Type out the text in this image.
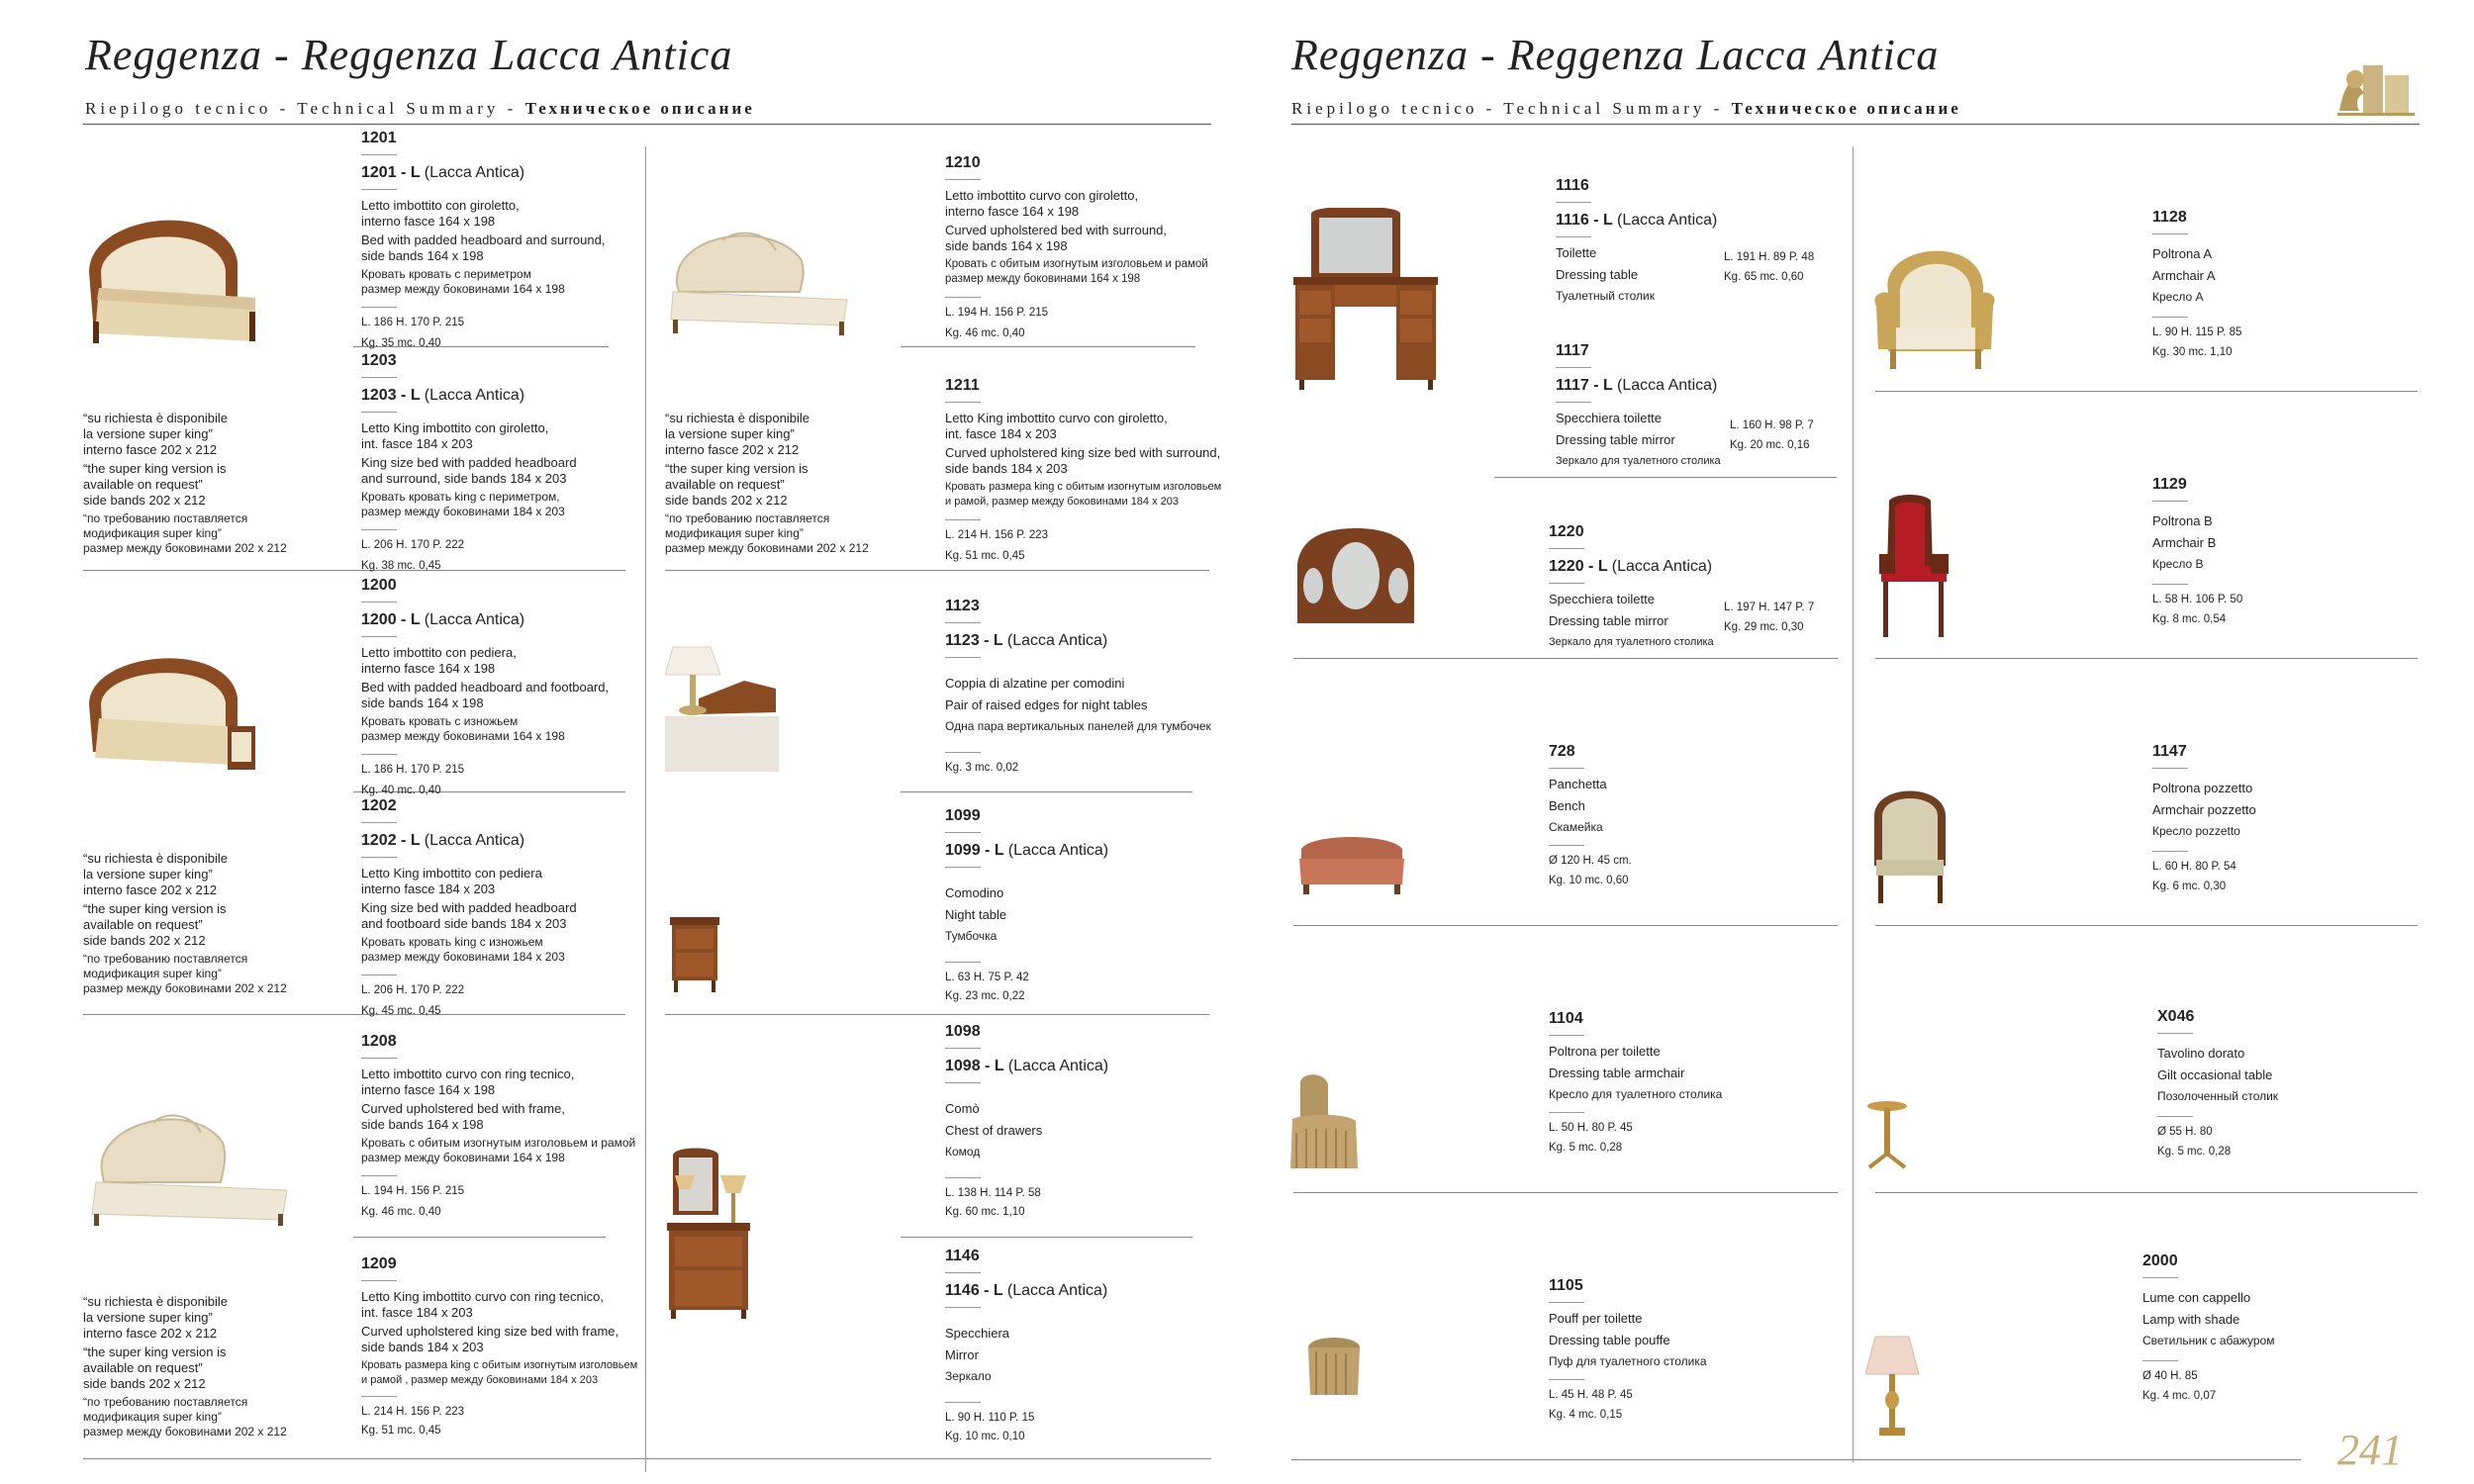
Reggenza - Reggenza Lacca Antica
Riepilogo tecnico - Technical Summary - Техническое описание
Reggenza - Reggenza Lacca Antica
Riepilogo tecnico - Technical Summary - Техническое описание
241
1201
1201 - L (Lacca Antica)
Letto imbottito con giroletto,
interno fasce 164 x 198
Bed with padded headboard and surround,
side bands 164 x 198
Кровать кровать с периметром
размер между боковинами 164 x 198
L. 186 H. 170 P. 215
Kg. 35 mc. 0,40
1203
1203 - L (Lacca Antica)
Letto King imbottito con giroletto,
int. fasce 184 x 203
King size bed with padded headboard
and surround, side bands 184 x 203
Кровать кровать king с периметром,
размер между боковинами 184 x 203
L. 206 H. 170 P. 222
Kg. 38 mc. 0,45
1200
1200 - L (Lacca Antica)
Letto imbottito con pediera,
interno fasce 164 x 198
Bed with padded headboard and footboard,
side bands 164 x 198
Кровать кровать с изножьем
размер между боковинами 164 x 198
L. 186 H. 170 P. 215
Kg. 40 mc. 0,40
1202
1202 - L (Lacca Antica)
Letto King imbottito con pediera
interno fasce 184 x 203
King size bed with padded headboard
and footboard side bands 184 x 203
Кровать кровать king с изножьем
размер между боковинами 184 x 203
L. 206 H. 170 P. 222
Kg. 45 mc. 0,45
1208
Letto imbottito curvo con ring tecnico,
interno fasce 164 x 198
Curved upholstered bed with frame,
side bands 164 x 198
Кровать с обитым изогнутым изголовьем и рамой
размер между боковинами 164 x 198
L. 194 H. 156 P. 215
Kg. 46 mc. 0,40
1209
Letto King imbottito curvo con ring tecnico,
int. fasce 184 x 203
Curved upholstered king size bed with frame,
side bands 184 x 203
Кровать размера king с обитым изогнутым изголовьем
и рамой , размер между боковинами 184 x 203
L. 214 H. 156 P. 223
Kg. 51 mc. 0,45
“su richiesta è disponibile
la versione super king”
interno fasce 202 x 212
“the super king version is
available on request”
side bands 202 x 212
“по требованию поставляется
модификация super king”
размер между боковинами 202 x 212
“su richiesta è disponibile
la versione super king”
interno fasce 202 x 212
“the super king version is
available on request”
side bands 202 x 212
“по требованию поставляется
модификация super king”
размер между боковинами 202 x 212
“su richiesta è disponibile
la versione super king”
interno fasce 202 x 212
“the super king version is
available on request”
side bands 202 x 212
“по требованию поставляется
модификация super king”
размер между боковинами 202 x 212
“su richiesta è disponibile
la versione super king”
interno fasce 202 x 212
“the super king version is
available on request”
side bands 202 x 212
“по требованию поставляется
модификация super king”
размер между боковинами 202 x 212
1210
Letto imbottito curvo con giroletto,
interno fasce 164 x 198
Curved upholstered bed with surround,
side bands 164 x 198
Кровать с обитым изогнутым изголовьем и рамой
размер между боковинами 164 x 198
L. 194 H. 156 P. 215
Kg. 46 mc. 0,40
1211
Letto King imbottito curvo con giroletto,
int. fasce 184 x 203
Curved upholstered king size bed with surround,
side bands 184 x 203
Кровать размера king с обитым изогнутым изголовьем
и рамой, размер между боковинами 184 x 203
L. 214 H. 156 P. 223
Kg. 51 mc. 0,45
1123
1123 - L (Lacca Antica)
Coppia di alzatine per comodini
Pair of raised edges for night tables
Одна пара вертикальных панелей для тумбочек
Kg. 3 mc. 0,02
1099
1099 - L (Lacca Antica)
Comodino
Night table
Тумбочка
L. 63 H. 75 P. 42
Kg. 23 mc. 0,22
1098
1098 - L (Lacca Antica)
Comò
Chest of drawers
Комод
L. 138 H. 114 P. 58
Kg. 60 mc. 1,10
1146
1146 - L (Lacca Antica)
Specchiera
Mirror
Зеркало
L. 90 H. 110 P. 15
Kg. 10 mc. 0,10
1116
1116 - L (Lacca Antica)
Toilette
Dressing table
Туалетный столик
L. 191 H. 89 P. 48
Kg. 65 mc. 0,60
1117
1117 - L (Lacca Antica)
Specchiera toilette
Dressing table mirror
Зеркало для туалетного столика
L. 160 H. 98 P. 7
Kg. 20 mc. 0,16
1220
1220 - L (Lacca Antica)
Specchiera toilette
Dressing table mirror
Зеркало для туалетного столика
L. 197 H. 147 P. 7
Kg. 29 mc. 0,30
728
Panchetta
Bench
Скамейка
Ø 120 H. 45 cm.
Kg. 10 mc. 0,60
1104
Poltrona per toilette
Dressing table armchair
Кресло для туалетного столика
L. 50 H. 80 P. 45
Kg. 5 mc. 0,28
1105
Pouff per toilette
Dressing table pouffe
Пуф для туалетного столика
L. 45 H. 48 P. 45
Kg. 4 mc. 0,15
1128
Poltrona A
Armchair A
Кресло A
L. 90 H. 115 P. 85
Kg. 30 mc. 1,10
1129
Poltrona B
Armchair B
Кресло B
L. 58 H. 106 P. 50
Kg. 8 mc. 0,54
1147
Poltrona pozzetto
Armchair pozzetto
Кресло pozzetto
L. 60 H. 80 P. 54
Kg. 6 mc. 0,30
X046
Tavolino dorato
Gilt occasional table
Позолоченный столик
Ø 55 H. 80
Kg. 5 mc. 0,28
2000
Lume con cappello
Lamp with shade
Светильник с абажуром
Ø 40 H. 85
Kg. 4 mc. 0,07
